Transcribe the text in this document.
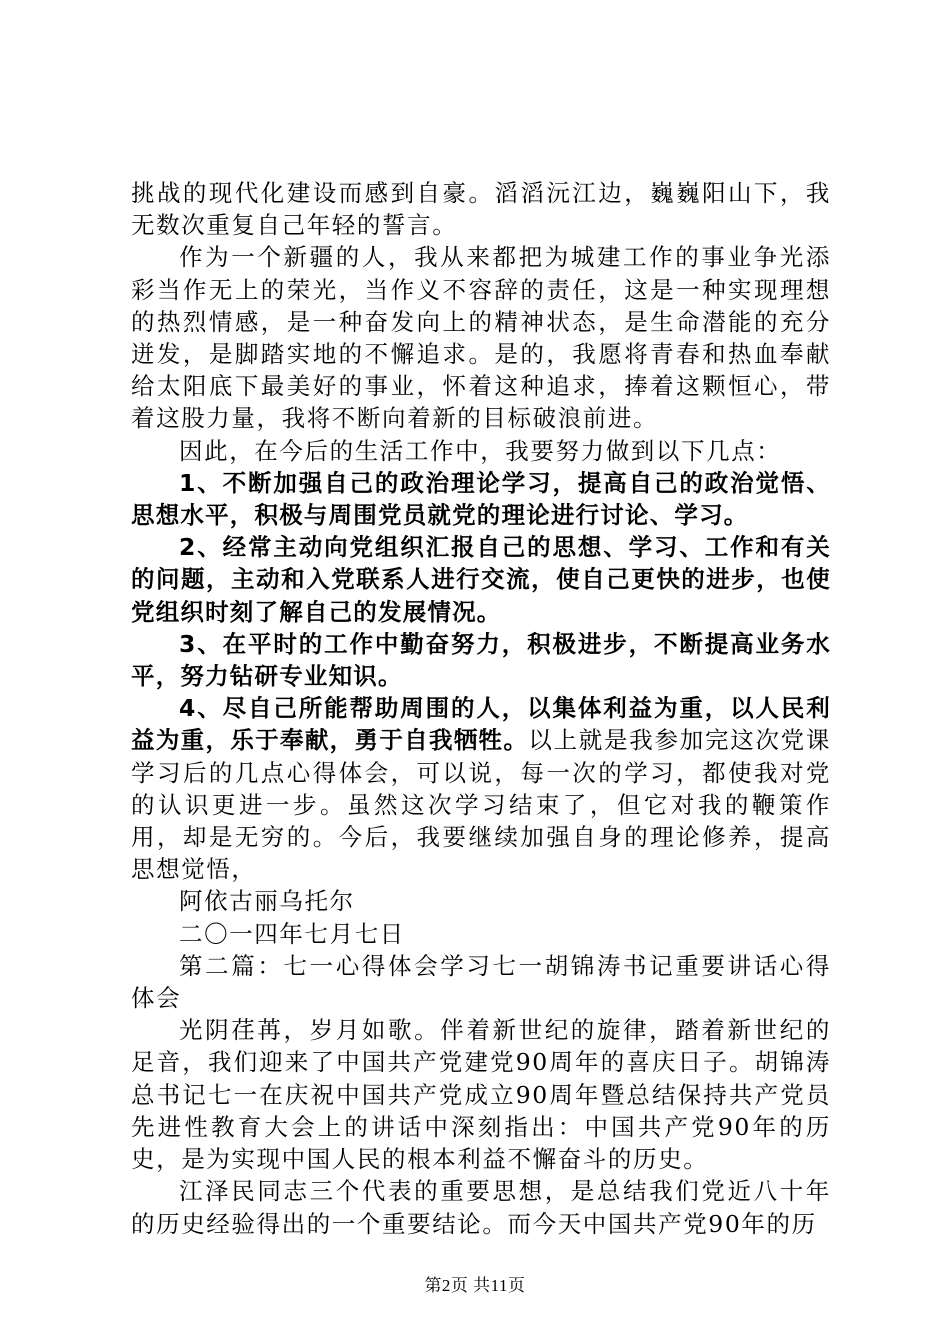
挑战的现代化建设而感到自豪。滔滔沅江边，巍巍阳山下，我无数次重复自己年轻的誓言。

作为一个新疆的人，我从来都把为城建工作的事业争光添彩当作无上的荣光，当作义不容辞的责任，这是一种实现理想的热烈情感，是一种奋发向上的精神状态，是生命潜能的充分迸发，是脚踏实地的不懈追求。是的，我愿将青春和热血奉献给太阳底下最美好的事业，怀着这种追求，捧着这颗恒心，带着这股力量，我将不断向着新的目标破浪前进。

因此，在今后的生活工作中，我要努力做到以下几点：

1、不断加强自己的政治理论学习，提高自己的政治觉悟、思想水平，积极与周围党员就党的理论进行讨论、学习。

2、经常主动向党组织汇报自己的思想、学习、工作和有关的问题，主动和入党联系人进行交流，使自己更快的进步，也使党组织时刻了解自己的发展情况。

3、在平时的工作中勤奋努力，积极进步，不断提高业务水平，努力钻研专业知识。

4、尽自己所能帮助周围的人，以集体利益为重，以人民利益为重，乐于奉献，勇于自我牺牲。以上就是我参加完这次党课学习后的几点心得体会，可以说，每一次的学习，都使我对党的认识更进一步。虽然这次学习结束了，但它对我的鞭策作用，却是无穷的。今后，我要继续加强自身的理论修养，提高思想觉悟，

阿依古丽乌托尔

二〇一四年七月七日

第二篇：七一心得体会学习七一胡锦涛书记重要讲话心得体会

光阴荏苒，岁月如歌。伴着新世纪的旋律，踏着新世纪的足音，我们迎来了中国共产党建党90周年的喜庆日子。胡锦涛总书记七一在庆祝中国共产党成立90周年暨总结保持共产党员先进性教育大会上的讲话中深刻指出：中国共产党90年的历史，是为实现中国人民的根本利益不懈奋斗的历史。

江泽民同志三个代表的重要思想，是总结我们党近八十年的历史经验得出的一个重要结论。而今天中国共产党90年的历

第2页 共11页
